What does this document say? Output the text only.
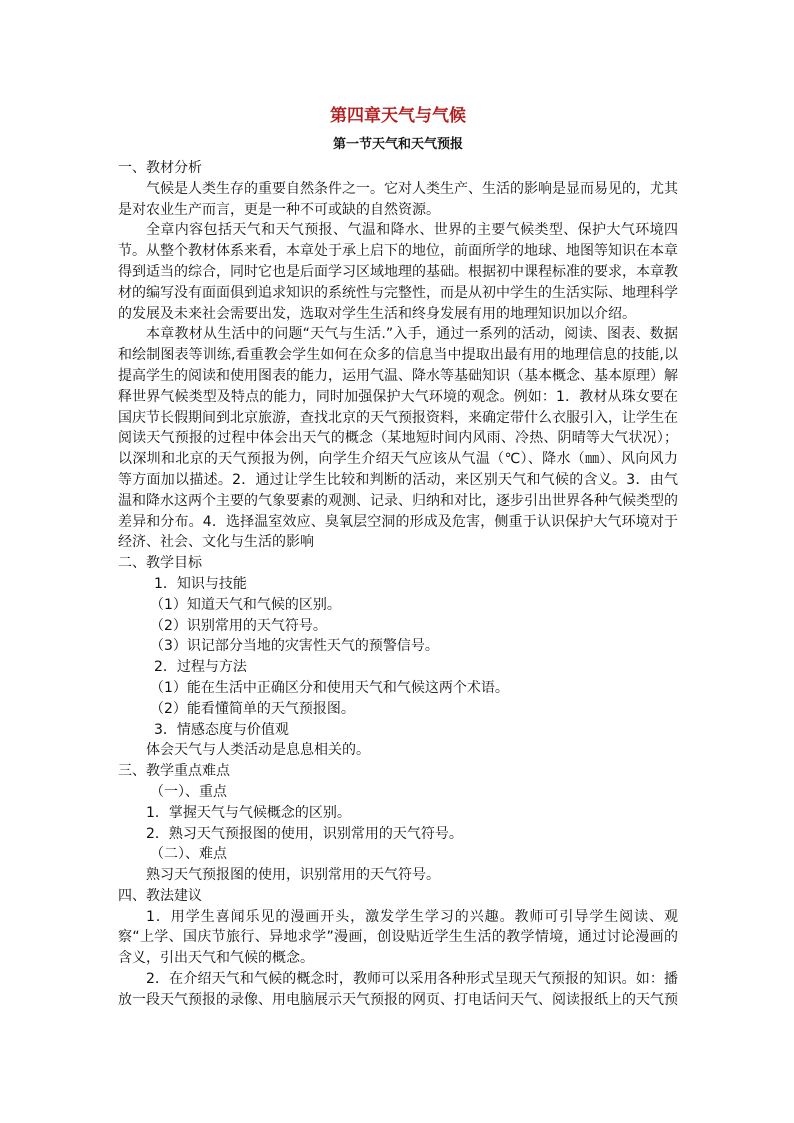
第四章天气与气候
第一节天气和天气预报

一、教材分析

气候是人类生存的重要自然条件之一。它对人类生产、生活的影响是显而易见的，尤其是对农业生产而言，更是一种不可或缺的自然资源。

全章内容包括天气和天气预报、气温和降水、世界的主要气候类型、保护大气环境四节。从整个教材体系来看，本章处于承上启下的地位，前面所学的地球、地图等知识在本章得到适当的综合，同时它也是后面学习区域地理的基础。根据初中课程标准的要求，本章教材的编写没有面面俱到追求知识的系统性与完整性，而是从初中学生的生活实际、地理科学的发展及未来社会需要出发，选取对学生生活和终身发展有用的地理知识加以介绍。

本章教材从生活中的问题“天气与生活.”入手，通过一系列的活动，阅读、图表、数据和绘制图表等训练,看重教会学生如何在众多的信息当中提取出最有用的地理信息的技能,以提高学生的阅读和使用图表的能力，运用气温、降水等基础知识（基本概念、基本原理）解释世界气候类型及特点的能力，同时加强保护大气环境的观念。例如：1．教材从珠女要在国庆节长假期间到北京旅游，查找北京的天气预报资料，来确定带什么衣服引入，让学生在阅读天气预报的过程中体会出天气的概念（某地短时间内风雨、冷热、阴晴等大气状况）；以深圳和北京的天气预报为例，向学生介绍天气应该从气温（℃）、降水（㎜）、风向风力等方面加以描述。2．通过让学生比较和判断的活动，来区别天气和气候的含义。3．由气温和降水这两个主要的气象要素的观测、记录、归纳和对比，逐步引出世界各种气候类型的差异和分布。4．选择温室效应、臭氧层空洞的形成及危害，侧重于认识保护大气环境对于经济、社会、文化与生活的影响

二、教学目标

1．知识与技能

（1）知道天气和气候的区别。

（2）识别常用的天气符号。

（3）识记部分当地的灾害性天气的预警信号。

2．过程与方法

（1）能在生活中正确区分和使用天气和气候这两个术语。

（2）能看懂简单的天气预报图。

3．情感态度与价值观

体会天气与人类活动是息息相关的。

三、教学重点难点

（一）、重点

1．掌握天气与气候概念的区别。

2．熟习天气预报图的使用，识别常用的天气符号。

（二）、难点

熟习天气预报图的使用，识别常用的天气符号。

四、教法建议

1．用学生喜闻乐见的漫画开头，激发学生学习的兴趣。教师可引导学生阅读、观察“上学、国庆节旅行、异地求学”漫画，创设贴近学生生活的教学情境，通过讨论漫画的含义，引出天气和气候的概念。

2．在介绍天气和气候的概念时，教师可以采用各种形式呈现天气预报的知识。如：播放一段天气预报的录像、用电脑展示天气预报的网页、打电话问天气、阅读报纸上的天气预
